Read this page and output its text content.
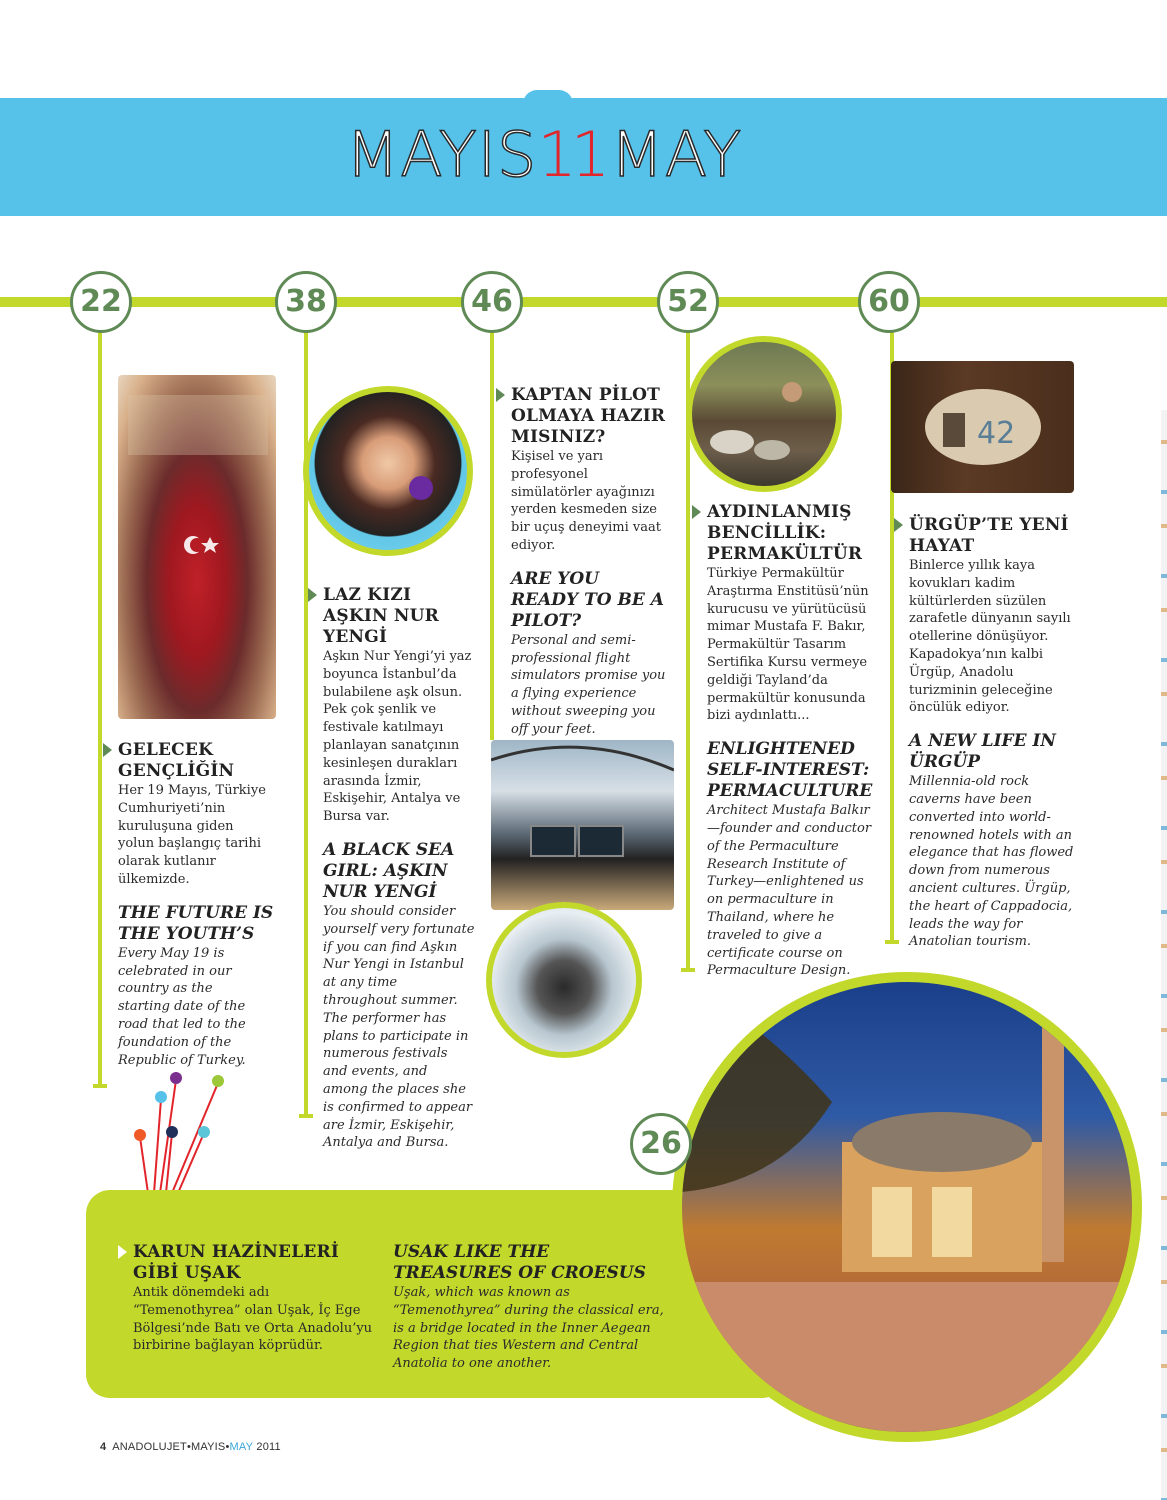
MAYIS11MAY
22	38	46	52	60
42
GELECEK GENÇLİĞİN
Her 19 Mayıs, Türkiye Cumhuriyeti’nin kuruluşuna giden yolun başlangıç tarihi olarak kutlanır ülkemizde.
THE FUTURE IS THE YOUTH’S
Every May 19 is celebrated in our country as the starting date of the road that led to the foundation of the Republic of Turkey.
LAZ KIZI AŞKIN NUR YENGİ
Aşkın Nur Yengi’yi yaz boyunca İstanbul’da bulabilene aşk olsun. Pek çok şenlik ve festivale katılmayı planlayan sanatçının kesinleşen durakları arasında İzmir, Eskişehir, Antalya ve Bursa var.
A BLACK SEA GIRL: AŞKIN NUR YENGİ
You should consider yourself very fortunate if you can find Aşkın Nur Yengi in Istanbul at any time throughout summer. The performer has plans to participate in numerous festivals and events, and among the places she is confirmed to appear are İzmir, Eskişehir, Antalya and Bursa.
KAPTAN PİLOT OLMAYA HAZIR MISINIZ?
Kişisel ve yarı profesyonel simülatörler ayağınızı yerden kesmeden size bir uçuş deneyimi vaat ediyor.
ARE YOU READY TO BE A PILOT?
Personal and semi-professional flight simulators promise you a flying experience without sweeping you off your feet.
AYDINLANMIŞ BENCİLLİK: PERMAKÜLTÜR
Türkiye Permakültür Araştırma Enstitüsü’nün kurucusu ve yürütücüsü mimar Mustafa F. Bakır, Permakültür Tasarım Sertifika Kursu vermeye geldiği Tayland’da permakültür konusunda bizi aydınlattı...
ENLIGHTENED SELF-INTEREST: PERMACULTURE
Architect Mustafa Balkır—founder and conductor of the Permaculture Research Institute of Turkey—enlightened us on permaculture in Thailand, where he traveled to give a certificate course on Permaculture Design.
ÜRGÜP’TE YENİ HAYAT
Binlerce yıllık kaya kovukları kadim kültürlerden süzülen zarafetle dünyanın sayılı otellerine dönüşüyor. Kapadokya’nın kalbi Ürgüp, Anadolu turizminin geleceğine öncülük ediyor.
A NEW LIFE IN ÜRGÜP
Millennia-old rock caverns have been converted into world-renowned hotels with an elegance that has flowed down from numerous ancient cultures. Ürgüp, the heart of Cappadocia, leads the way for Anatolian tourism.
KARUN HAZİNELERİ GİBİ UŞAK
Antik dönemdeki adı “Temenothyrea” olan Uşak, İç Ege Bölgesi’nde Batı ve Orta Anadolu’yu birbirine bağlayan köprüdür.
USAK LIKE THE TREASURES OF CROESUS
Uşak, which was known as “Temenothyrea” during the classical era, is a bridge located in the Inner Aegean Region that ties Western and Central Anatolia to one another.
26
4 ANADOLUJET•MAYIS•MAY 2011
